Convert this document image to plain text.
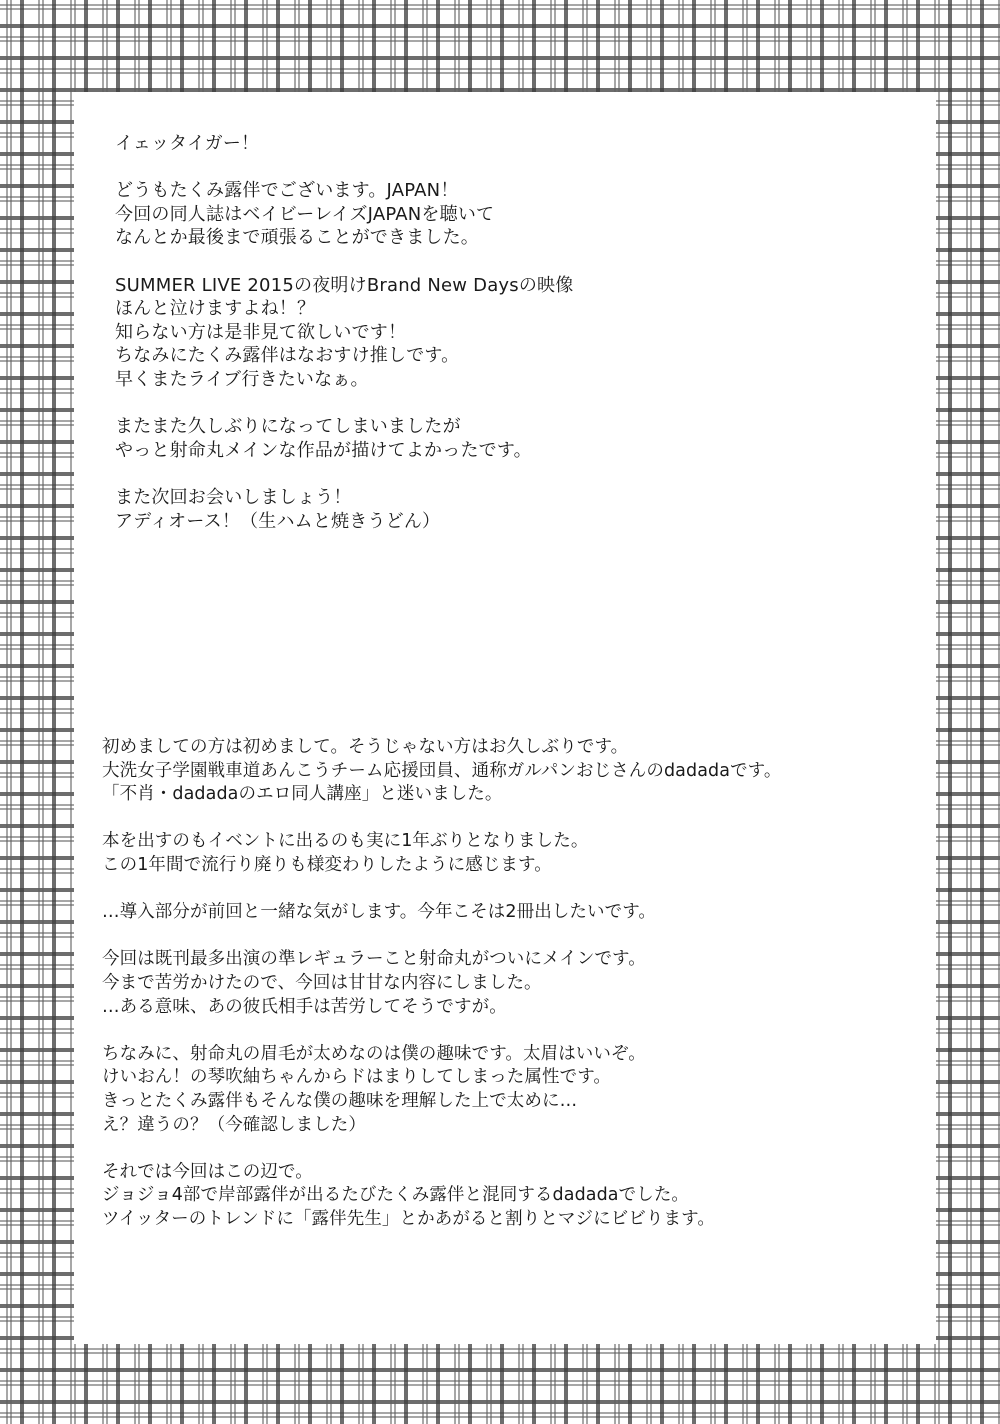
イェッタイガー！
どうもたくみ露伴でございます。JAPAN！
今回の同人誌はベイビーレイズJAPANを聴いて
なんとか最後まで頑張ることができました。
SUMMER LIVE 2015の夜明けBrand New Daysの映像
ほんと泣けますよね！？
知らない方は是非見て欲しいです！
ちなみにたくみ露伴はなおすけ推しです。
早くまたライブ行きたいなぁ。
またまた久しぶりになってしまいましたが
やっと射命丸メインな作品が描けてよかったです。
また次回お会いしましょう！
アディオース！（生ハムと焼きうどん）
初めましての方は初めまして。そうじゃない方はお久しぶりです。
大洗女子学園戦車道あんこうチーム応援団員、通称ガルパンおじさんのdadadaです。
「不肖・dadadaのエロ同人講座」と迷いました。
本を出すのもイベントに出るのも実に1年ぶりとなりました。
この1年間で流行り廃りも様変わりしたように感じます。
…導入部分が前回と一緒な気がします。今年こそは2冊出したいです。
今回は既刊最多出演の準レギュラーこと射命丸がついにメインです。
今まで苦労かけたので、今回は甘甘な内容にしました。
…ある意味、あの彼氏相手は苦労してそうですが。
ちなみに、射命丸の眉毛が太めなのは僕の趣味です。太眉はいいぞ。
けいおん！の琴吹紬ちゃんからドはまりしてしまった属性です。
きっとたくみ露伴もそんな僕の趣味を理解した上で太めに…
え？違うの？（今確認しました）
それでは今回はこの辺で。
ジョジョ4部で岸部露伴が出るたびたくみ露伴と混同するdadadaでした。
ツイッターのトレンドに「露伴先生」とかあがると割りとマジにビビります。
